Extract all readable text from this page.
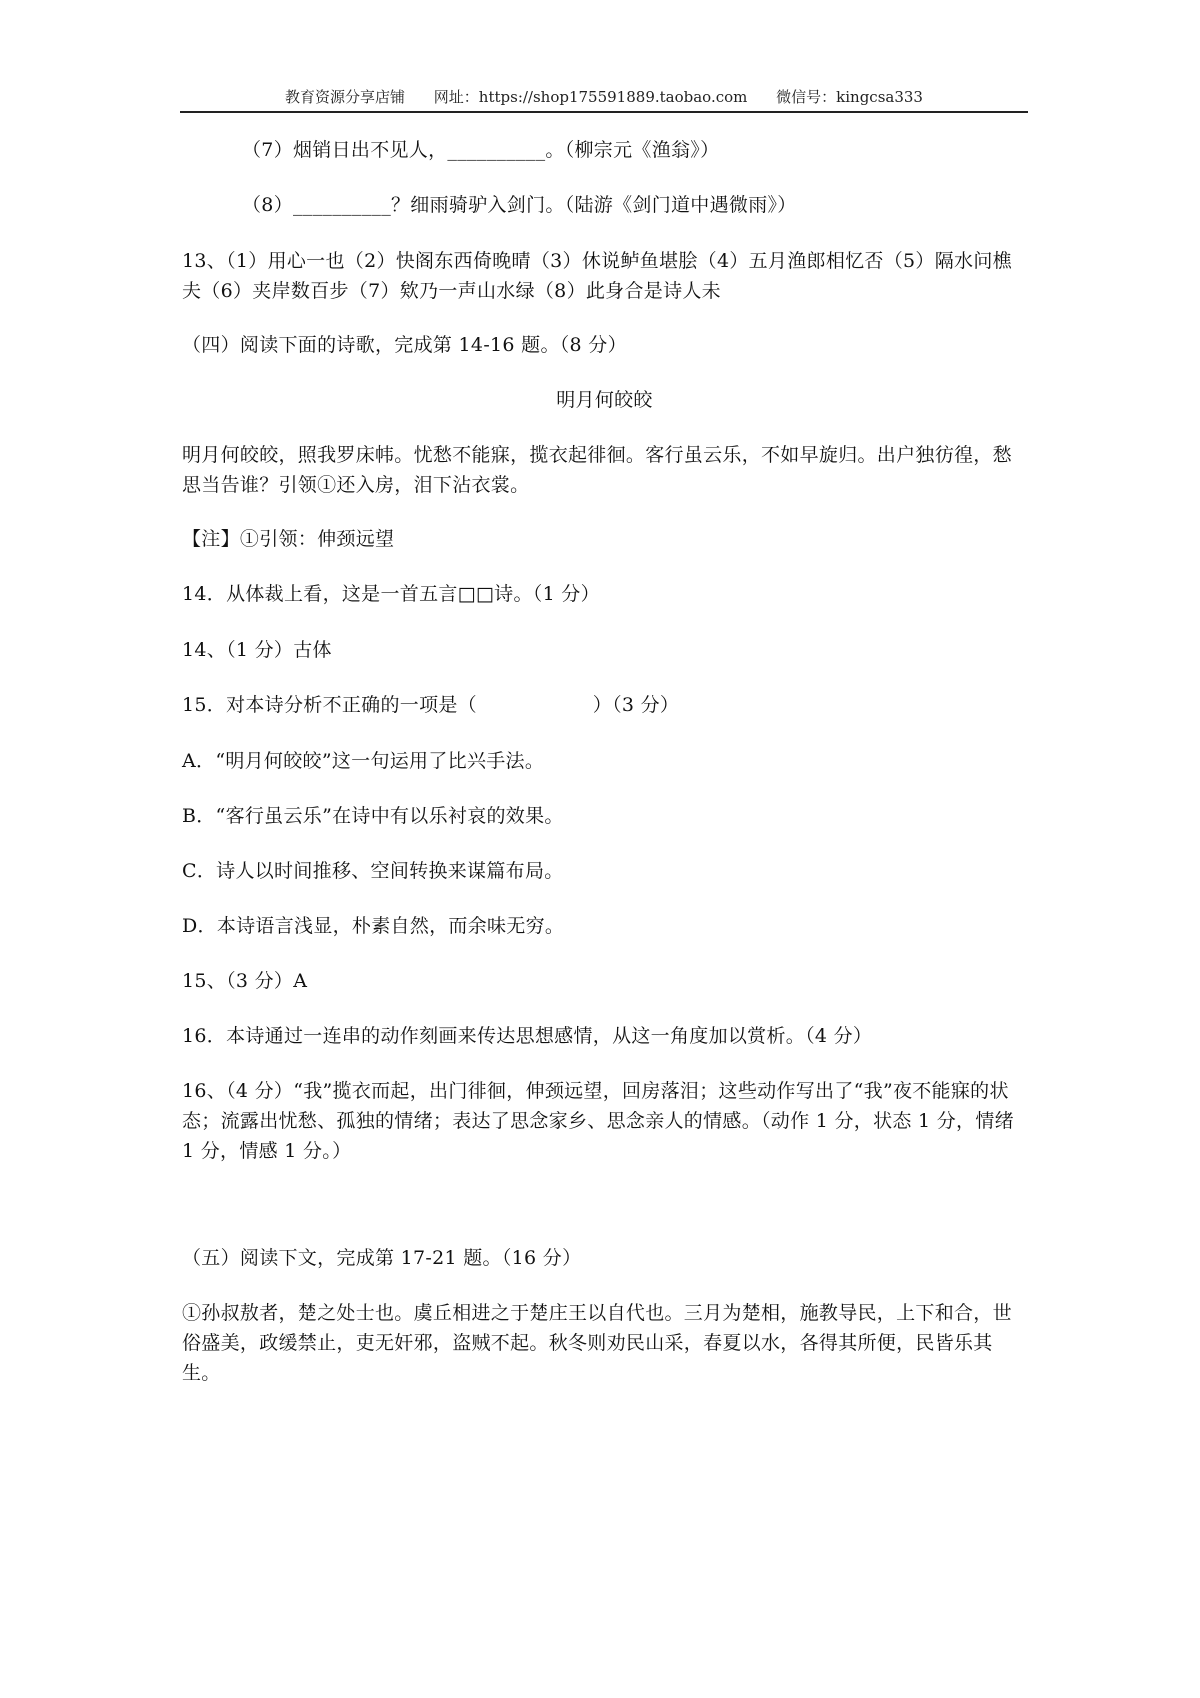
教育资源分享店铺 网址：https://shop175591889.taobao.com 微信号：kingcsa333
（7）烟销日出不见人，__________。（柳宗元《渔翁》）
（8）__________？细雨骑驴入剑门。（陆游《剑门道中遇微雨》）
13、（1）用心一也（2）快阁东西倚晚晴（3）休说鲈鱼堪脍（4）五月渔郎相忆否（5）隔水问樵夫（6）夹岸数百步（7）欸乃一声山水绿（8）此身合是诗人未
（四）阅读下面的诗歌，完成第 14-16 题。（8 分）
明月何皎皎
明月何皎皎，照我罗床帏。忧愁不能寐，揽衣起徘徊。客行虽云乐，不如早旋归。出户独彷徨，愁思当告谁？引领①还入房，泪下沾衣裳。
【注】①引领：伸颈远望
14．从体裁上看，这是一首五言□□诗。（1 分）
14、（1 分）古体
15．对本诗分析不正确的一项是（　　　　　　）（3 分）
A．“明月何皎皎”这一句运用了比兴手法。
B．“客行虽云乐”在诗中有以乐衬哀的效果。
C．诗人以时间推移、空间转换来谋篇布局。
D．本诗语言浅显，朴素自然，而余味无穷。
15、（3 分）A
16．本诗通过一连串的动作刻画来传达思想感情，从这一角度加以赏析。（4 分）
16、（4 分）“我”揽衣而起，出门徘徊，伸颈远望，回房落泪；这些动作写出了“我”夜不能寐的状态；流露出忧愁、孤独的情绪；表达了思念家乡、思念亲人的情感。（动作 1 分，状态 1 分，情绪 1 分，情感 1 分。）
（五）阅读下文，完成第 17-21 题。（16 分）
①孙叔敖者，楚之处士也。虞丘相进之于楚庄王以自代也。三月为楚相，施教导民，上下和合，世俗盛美，政缓禁止，吏无奸邪，盗贼不起。秋冬则劝民山采，春夏以水，各得其所便，民皆乐其生。
